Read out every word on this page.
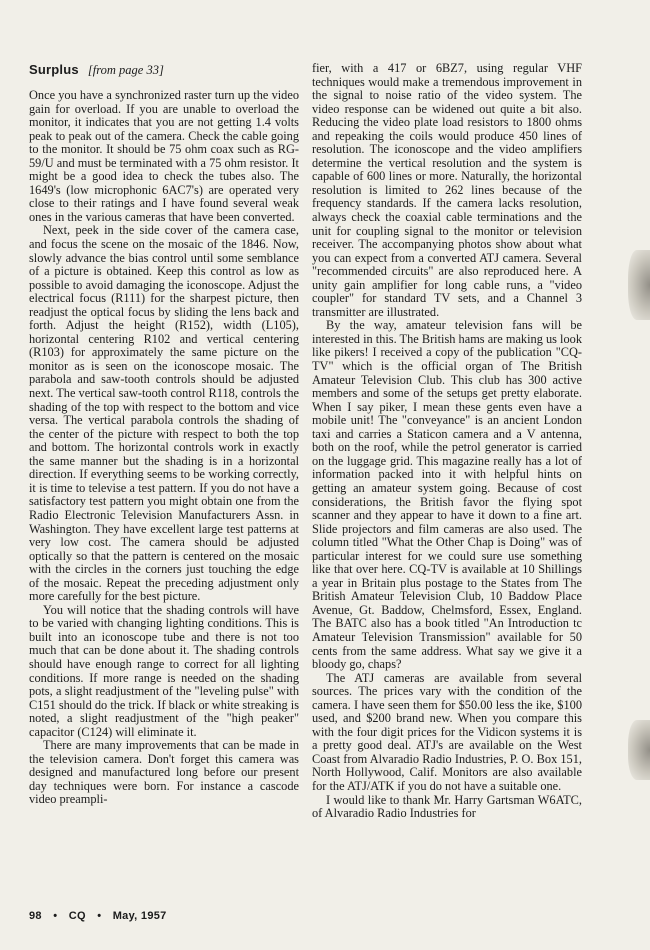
Surplus [from page 33]

Once you have a synchronized raster turn up the video gain for overload. If you are unable to overload the monitor, it indicates that you are not getting 1.4 volts peak to peak out of the camera. Check the cable going to the monitor. It should be 75 ohm coax such as RG-59/U and must be terminated with a 75 ohm resistor. It might be a good idea to check the tubes also. The 1649's (low microphonic 6AC7's) are operated very close to their ratings and I have found several weak ones in the various cameras that have been converted.

Next, peek in the side cover of the camera case, and focus the scene on the mosaic of the 1846. Now, slowly advance the bias control until some semblance of a picture is obtained. Keep this control as low as possible to avoid damaging the iconoscope. Adjust the electrical focus (R111) for the sharpest picture, then readjust the optical focus by sliding the lens back and forth. Adjust the height (R152), width (L105), horizontal centering R102 and vertical centering (R103) for approximately the same picture on the monitor as is seen on the iconoscope mosaic. The parabola and saw-tooth controls should be adjusted next. The vertical saw-tooth control R118, controls the shading of the top with respect to the bottom and vice versa. The vertical parabola controls the shading of the center of the picture with respect to both the top and bottom. The horizontal controls work in exactly the same manner but the shading is in a horizontal direction. If everything seems to be working correctly, it is time to televise a test pattern. If you do not have a satisfactory test pattern you might obtain one from the Radio Electronic Television Manufacturers Assn. in Washington. They have excellent large test patterns at very low cost. The camera should be adjusted optically so that the pattern is centered on the mosaic with the circles in the corners just touching the edge of the mosaic. Repeat the preceding adjustment only more carefully for the best picture.

You will notice that the shading controls will have to be varied with changing lighting conditions. This is built into an iconoscope tube and there is not too much that can be done about it. The shading controls should have enough range to correct for all lighting conditions. If more range is needed on the shading pots, a slight readjustment of the "leveling pulse" with C151 should do the trick. If black or white streaking is noted, a slight readjustment of the "high peaker" capacitor (C124) will eliminate it.

There are many improvements that can be made in the television camera. Don't forget this camera was designed and manufactured long before our present day techniques were born. For instance a cascode video preampli-

fier, with a 417 or 6BZ7, using regular VHF techniques would make a tremendous improvement in the signal to noise ratio of the video system. The video response can be widened out quite a bit also. Reducing the video plate load resistors to 1800 ohms and repeaking the coils would produce 450 lines of resolution. The iconoscope and the video amplifiers determine the vertical resolution and the system is capable of 600 lines or more. Naturally, the horizontal resolution is limited to 262 lines because of the frequency standards. If the camera lacks resolution, always check the coaxial cable terminations and the unit for coupling signal to the monitor or television receiver. The accompanying photos show about what you can expect from a converted ATJ camera. Several "recommended circuits" are also reproduced here. A unity gain amplifier for long cable runs, a "video coupler" for standard TV sets, and a Channel 3 transmitter are illustrated.

By the way, amateur television fans will be interested in this. The British hams are making us look like pikers! I received a copy of the publication "CQ-TV" which is the official organ of The British Amateur Television Club. This club has 300 active members and some of the setups get pretty elaborate. When I say piker, I mean these gents even have a mobile unit! The "conveyance" is an ancient London taxi and carries a Staticon camera and a V antenna, both on the roof, while the petrol generator is carried on the luggage grid. This magazine really has a lot of information packed into it with helpful hints on getting an amateur system going. Because of cost considerations, the British favor the flying spot scanner and they appear to have it down to a fine art. Slide projectors and film cameras are also used. The column titled "What the Other Chap is Doing" was of particular interest for we could sure use something like that over here. CQ-TV is available at 10 Shillings a year in Britain plus postage to the States from The British Amateur Television Club, 10 Baddow Place Avenue, Gt. Baddow, Chelmsford, Essex, England. The BATC also has a book titled "An Introduction tc Amateur Television Transmission" available for 50 cents from the same address. What say we give it a bloody go, chaps?

The ATJ cameras are available from several sources. The prices vary with the condition of the camera. I have seen them for $50.00 less the ike, $100 used, and $200 brand new. When you compare this with the four digit prices for the Vidicon systems it is a pretty good deal. ATJ's are available on the West Coast from Alvaradio Radio Industries, P. O. Box 151, North Hollywood, Calif. Monitors are also available for the ATJ/ATK if you do not have a suitable one.

I would like to thank Mr. Harry Gartsman W6ATC, of Alvaradio Radio Industries for

98 • CQ • May, 1957
